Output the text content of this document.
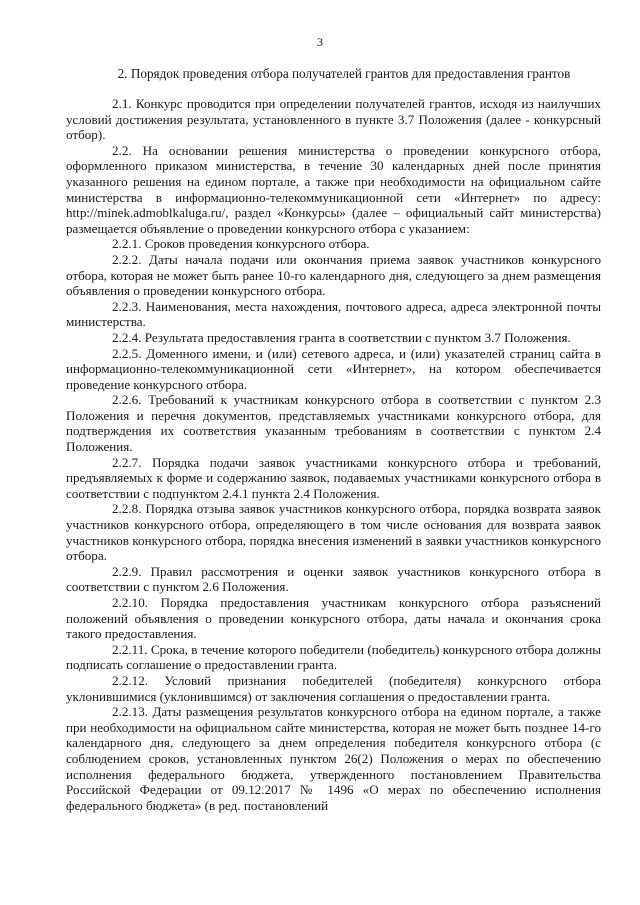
3
2. Порядок проведения отбора получателей грантов для предоставления грантов

2.1. Конкурс проводится при определении получателей грантов, исходя из наилучших условий достижения результата, установленного в пункте 3.7 Положения (далее - конкурсный отбор).

2.2. На основании решения министерства о проведении конкурсного отбора, оформленного приказом министерства, в течение 30 календарных дней после принятия указанного решения на едином портале, а также при необходимости на официальном сайте министерства в информационно-телекоммуникационной сети «Интернет» по адресу: http://minek.admoblkaluga.ru/, раздел «Конкурсы» (далее – официальный сайт министерства) размещается объявление о проведении конкурсного отбора с указанием:

2.2.1. Сроков проведения конкурсного отбора.

2.2.2. Даты начала подачи или окончания приема заявок участников конкурсного отбора, которая не может быть ранее 10-го календарного дня, следующего за днем размещения объявления о проведении конкурсного отбора.

2.2.3. Наименования, места нахождения, почтового адреса, адреса электронной почты министерства.

2.2.4. Результата предоставления гранта в соответствии с пунктом 3.7 Положения.

2.2.5. Доменного имени, и (или) сетевого адреса, и (или) указателей страниц сайта в информационно-телекоммуникационной сети «Интернет», на котором обеспечивается проведение конкурсного отбора.

2.2.6. Требований к участникам конкурсного отбора в соответствии с пунктом 2.3 Положения и перечня документов, представляемых участниками конкурсного отбора, для подтверждения их соответствия указанным требованиям в соответствии с пунктом 2.4 Положения.

2.2.7. Порядка подачи заявок участниками конкурсного отбора и требований, предъявляемых к форме и содержанию заявок, подаваемых участниками конкурсного отбора в соответствии с подпунктом 2.4.1 пункта 2.4 Положения.

2.2.8. Порядка отзыва заявок участников конкурсного отбора, порядка возврата заявок участников конкурсного отбора, определяющего в том числе основания для возврата заявок участников конкурсного отбора, порядка внесения изменений в заявки участников конкурсного отбора.

2.2.9. Правил рассмотрения и оценки заявок участников конкурсного отбора в соответствии с пунктом 2.6 Положения.

2.2.10. Порядка предоставления участникам конкурсного отбора разъяснений положений объявления о проведении конкурсного отбора, даты начала и окончания срока такого предоставления.

2.2.11. Срока, в течение которого победители (победитель) конкурсного отбора должны подписать соглашение о предоставлении гранта.

2.2.12. Условий признания победителей (победителя) конкурсного отбора уклонившимися (уклонившимся) от заключения соглашения о предоставлении гранта.

2.2.13. Даты размещения результатов конкурсного отбора на едином портале, а также при необходимости на официальном сайте министерства, которая не может быть позднее 14-го календарного дня, следующего за днем определения победителя конкурсного отбора (с соблюдением сроков, установленных пунктом 26(2) Положения о мерах по обеспечению исполнения федерального бюджета, утвержденного постановлением Правительства Российской Федерации от 09.12.2017 № 1496 «О мерах по обеспечению исполнения федерального бюджета» (в ред. постановлений
